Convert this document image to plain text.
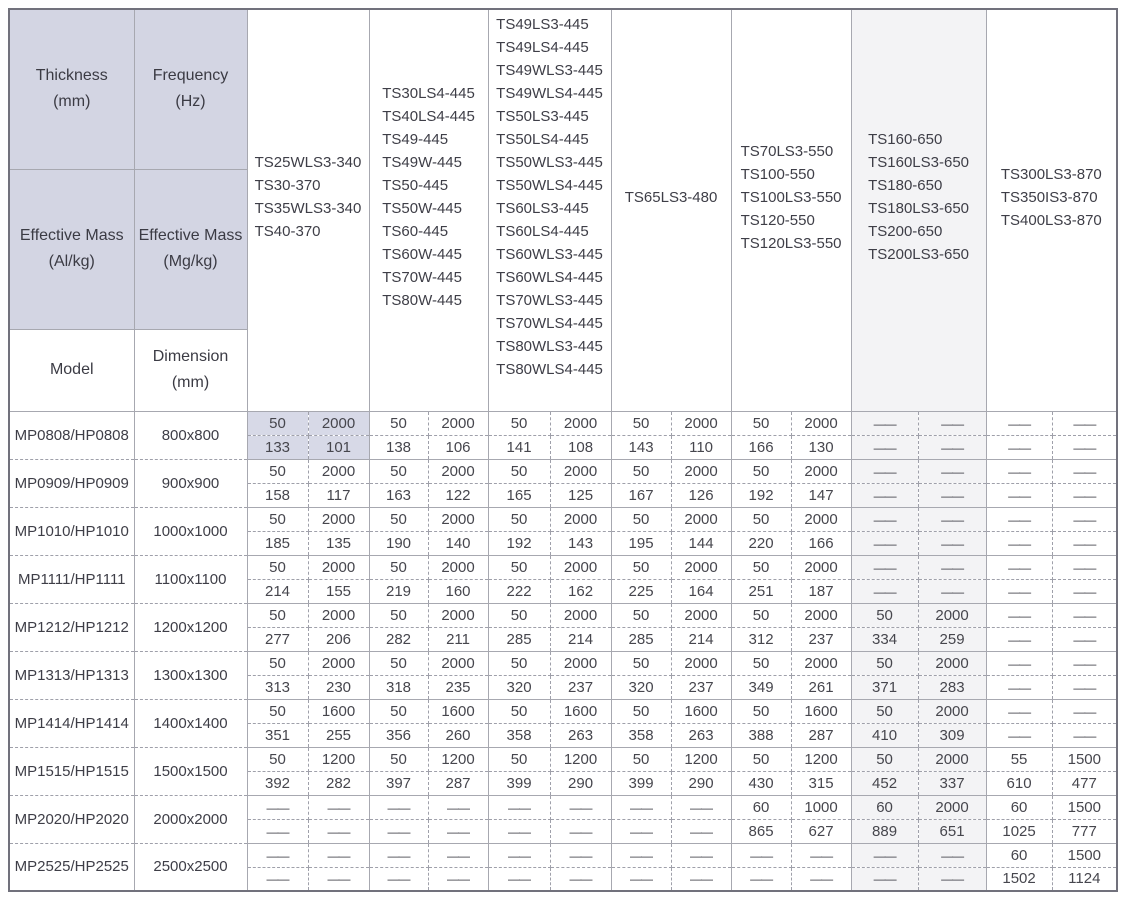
Thickness
(mm)

Frequency
(Hz)

TS25WLS3-340
TS30-370
TS35WLS3-340
TS40-370

TS30LS4-445
TS40LS4-445
TS49-445
TS49W-445
TS50-445
TS50W-445
TS60-445
TS60W-445
TS70W-445
TS80W-445

TS49LS3-445
TS49LS4-445
TS49WLS3-445
TS49WLS4-445
TS50LS3-445
TS50LS4-445
TS50WLS3-445
TS50WLS4-445
TS60LS3-445
TS60LS4-445
TS60WLS3-445
TS60WLS4-445
TS70WLS3-445
TS70WLS4-445
TS80WLS3-445
TS80WLS4-445

TS65LS3-480

TS70LS3-550
TS100-550
TS100LS3-550
TS120-550
TS120LS3-550

TS160-650
TS160LS3-650
TS180-650
TS180LS3-650
TS200-650
TS200LS3-650

TS300LS3-870
TS350IS3-870
TS400LS3-870

Effective Mass
(Al/kg)

Effective Mass
(Mg/kg)

Model	Dimension
(mm)														

MP0808/HP0808	800x800	50	2000	50	2000	50	2000	50	2000	50	2000	——	——	——	——
		133	101	138	106	141	108	143	110	166	130	——	——	——	——
MP0909/HP0909	900x900	50	2000	50	2000	50	2000	50	2000	50	2000	——	——	——	——
		158	117	163	122	165	125	167	126	192	147	——	——	——	——
MP1010/HP1010	1000x1000	50	2000	50	2000	50	2000	50	2000	50	2000	——	——	——	——
		185	135	190	140	192	143	195	144	220	166	——	——	——	——
MP1111/HP1111	1100x1100	50	2000	50	2000	50	2000	50	2000	50	2000	——	——	——	——
		214	155	219	160	222	162	225	164	251	187	——	——	——	——
MP1212/HP1212	1200x1200	50	2000	50	2000	50	2000	50	2000	50	2000	50	2000	——	——
		277	206	282	211	285	214	285	214	312	237	334	259	——	——
MP1313/HP1313	1300x1300	50	2000	50	2000	50	2000	50	2000	50	2000	50	2000	——	——
		313	230	318	235	320	237	320	237	349	261	371	283	——	——
MP1414/HP1414	1400x1400	50	1600	50	1600	50	1600	50	1600	50	1600	50	2000	——	——
		351	255	356	260	358	263	358	263	388	287	410	309	——	——
MP1515/HP1515	1500x1500	50	1200	50	1200	50	1200	50	1200	50	1200	50	2000	55	1500
		392	282	397	287	399	290	399	290	430	315	452	337	610	477
MP2020/HP2020	2000x2000	——	——	——	——	——	——	——	——	60	1000	60	2000	60	1500
		——	——	——	——	——	——	——	——	865	627	889	651	1025	777
MP2525/HP2525	2500x2500	——	——	——	——	——	——	——	——	——	——	——	——	60	1500
		——	——	——	——	——	——	——	——	——	——	——	——	1502	1124
